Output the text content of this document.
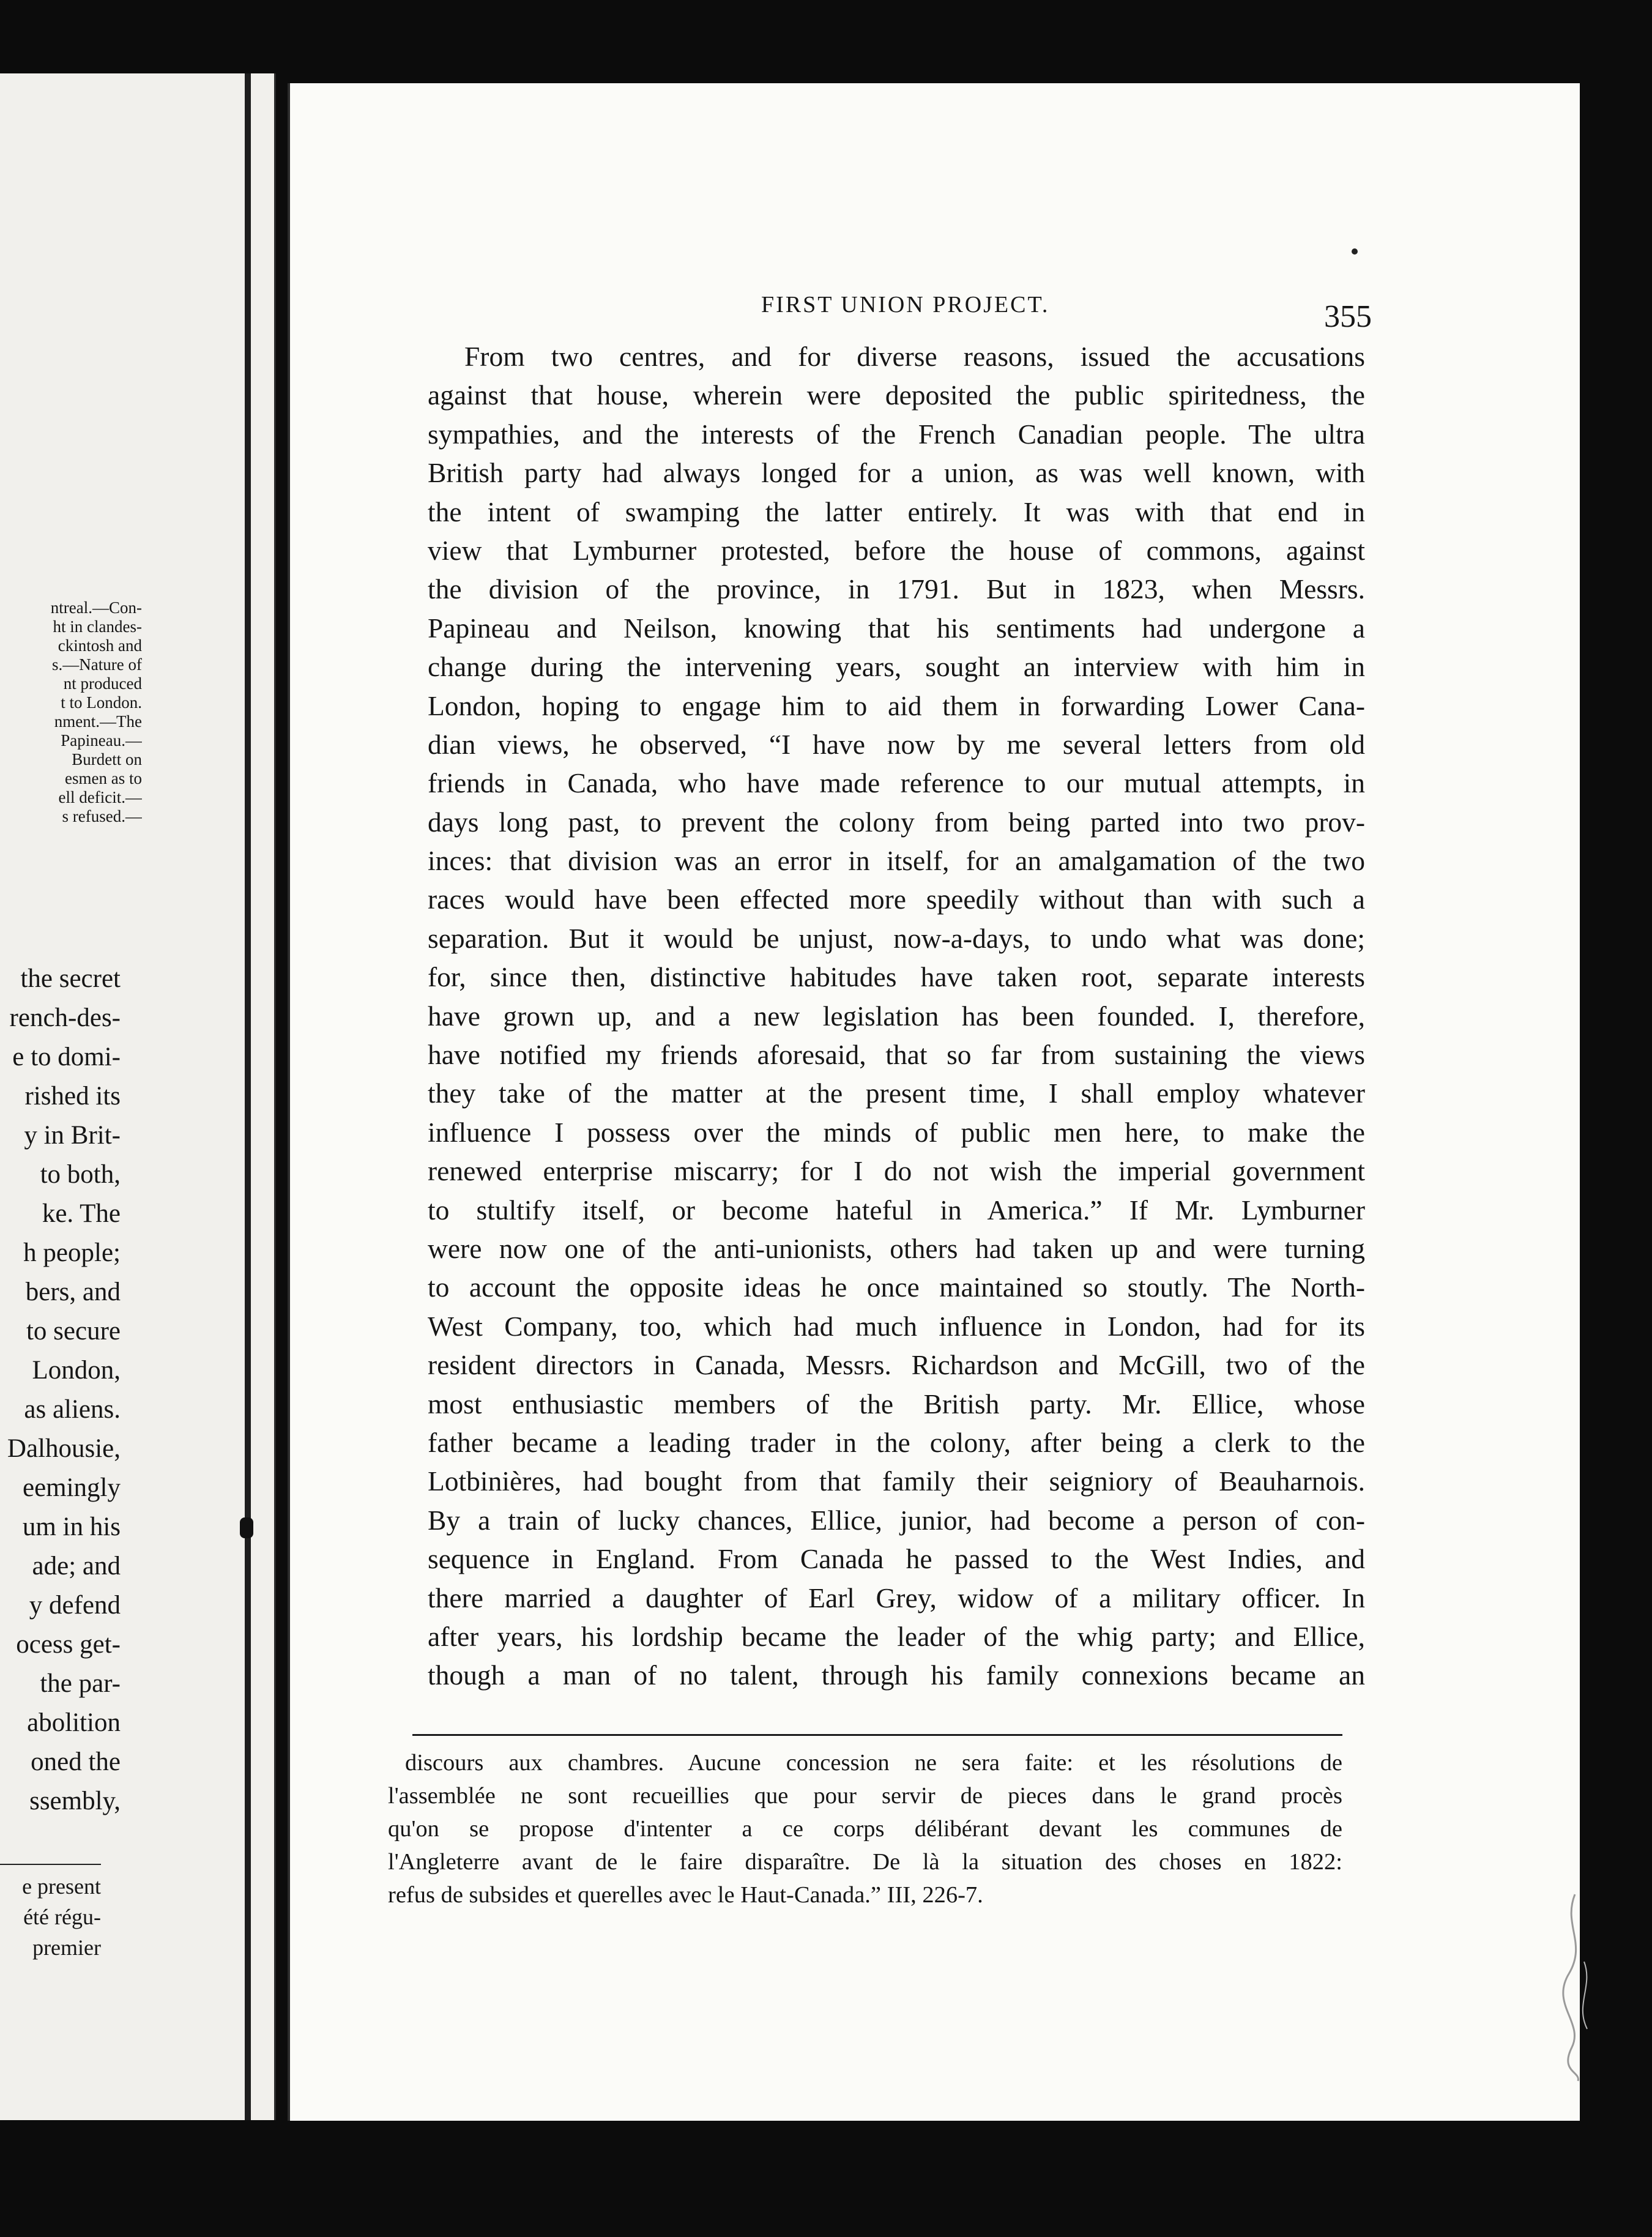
ntreal.—Con-
ht in clandes-
ckintosh and
s.—Nature of
nt produced
t to London.
nment.—The
Papineau.—
Burdett on
esmen as to
ell deficit.—
s refused.—
the secret
rench-des-
e to domi-
rished its
y in Brit-
to both,
ke. The
h people;
bers, and
to secure
London,
as aliens.
Dalhousie,
eemingly
um in his
ade; and
y defend
ocess get-
the par-
abolition
oned the
ssembly,
e present
été régu-
premier
FIRST UNION PROJECT.	355
From two centres, and for diverse reasons, issued the accusations
against that house, wherein were deposited the public spiritedness, the
sympathies, and the interests of the French Canadian people. The ultra
British party had always longed for a union, as was well known, with
the intent of swamping the latter entirely. It was with that end in
view that Lymburner protested, before the house of commons, against
the division of the province, in 1791. But in 1823, when Messrs.
Papineau and Neilson, knowing that his sentiments had undergone a
change during the intervening years, sought an interview with him in
London, hoping to engage him to aid them in forwarding Lower Cana-
dian views, he observed, “I have now by me several letters from old
friends in Canada, who have made reference to our mutual attempts, in
days long past, to prevent the colony from being parted into two prov-
inces: that division was an error in itself, for an amalgamation of the two
races would have been effected more speedily without than with such a
separation. But it would be unjust, now-a-days, to undo what was done;
for, since then, distinctive habitudes have taken root, separate interests
have grown up, and a new legislation has been founded. I, therefore,
have notified my friends aforesaid, that so far from sustaining the views
they take of the matter at the present time, I shall employ whatever
influence I possess over the minds of public men here, to make the
renewed enterprise miscarry; for I do not wish the imperial government
to stultify itself, or become hateful in America.” If Mr. Lymburner
were now one of the anti-unionists, others had taken up and were turning
to account the opposite ideas he once maintained so stoutly. The North-
West Company, too, which had much influence in London, had for its
resident directors in Canada, Messrs. Richardson and McGill, two of the
most enthusiastic members of the British party. Mr. Ellice, whose
father became a leading trader in the colony, after being a clerk to the
Lotbinières, had bought from that family their seigniory of Beauharnois.
By a train of lucky chances, Ellice, junior, had become a person of con-
sequence in England. From Canada he passed to the West Indies, and
there married a daughter of Earl Grey, widow of a military officer. In
after years, his lordship became the leader of the whig party; and Ellice,
though a man of no talent, through his family connexions became an
discours aux chambres. Aucune concession ne sera faite: et les résolutions de
l'assemblée ne sont recueillies que pour servir de pieces dans le grand procès
qu'on se propose d'intenter a ce corps délibérant devant les communes de
l'Angleterre avant de le faire disparaître. De là la situation des choses en 1822:
refus de subsides et querelles avec le Haut-Canada.” III, 226-7.
